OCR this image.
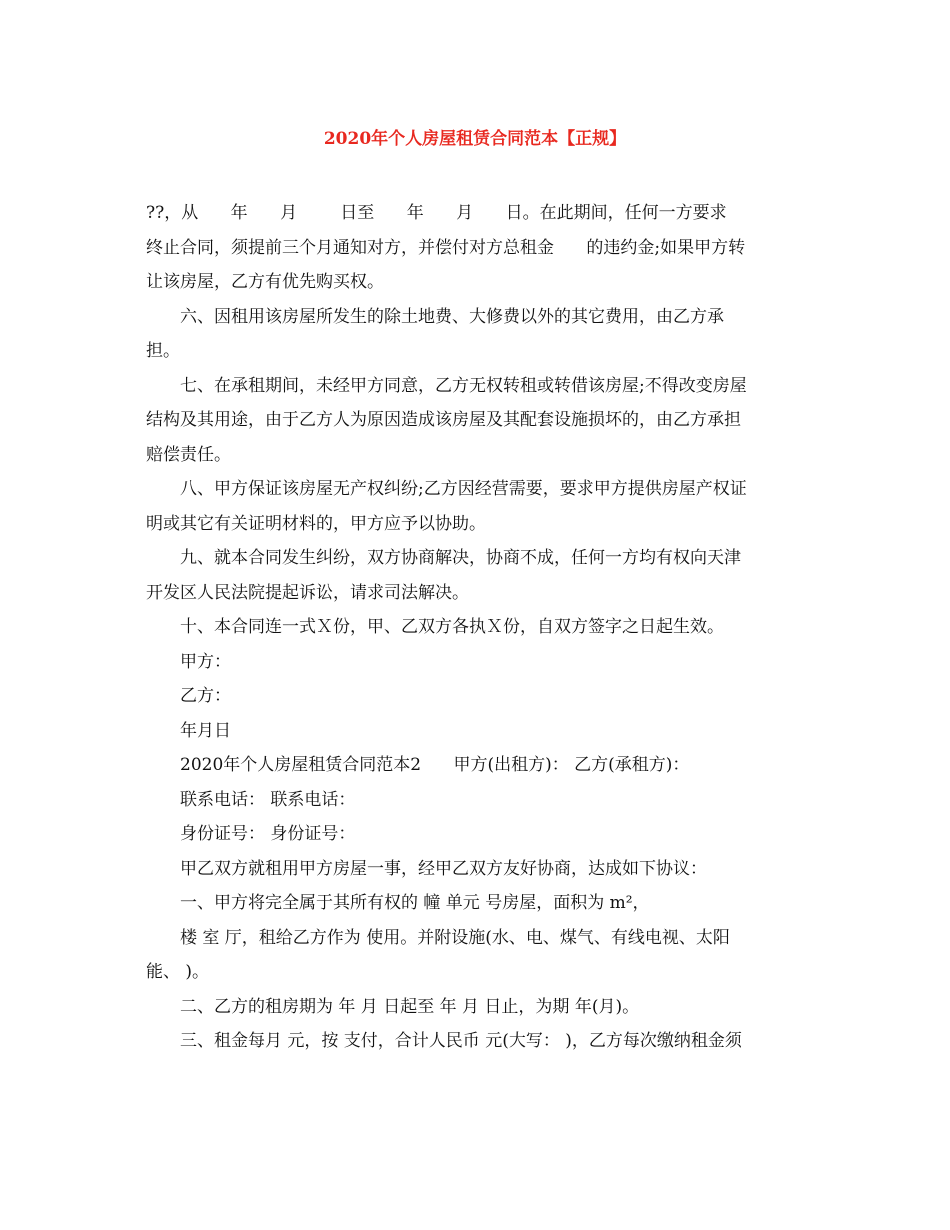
2020年个人房屋租赁合同范本【正规】
??，从      年      月        日至      年      月      日。在此期间，任何一方要求
终止合同，须提前三个月通知对方，并偿付对方总租金      的违约金;如果甲方转
让该房屋，乙方有优先购买权。
六、因租用该房屋所发生的除土地费、大修费以外的其它费用，由乙方承
担。
七、在承租期间，未经甲方同意，乙方无权转租或转借该房屋;不得改变房屋
结构及其用途，由于乙方人为原因造成该房屋及其配套设施损坏的，由乙方承担
赔偿责任。
八、甲方保证该房屋无产权纠纷;乙方因经营需要，要求甲方提供房屋产权证
明或其它有关证明材料的，甲方应予以协助。
九、就本合同发生纠纷，双方协商解决，协商不成，任何一方均有权向天津
开发区人民法院提起诉讼，请求司法解决。
十、本合同连一式Ｘ份，甲、乙双方各执Ｘ份，自双方签字之日起生效。
甲方：
乙方：
年月日
2020年个人房屋租赁合同范本2      甲方(出租方)： 乙方(承租方)：
联系电话： 联系电话：
身份证号： 身份证号：
甲乙双方就租用甲方房屋一事，经甲乙双方友好协商，达成如下协议：
一、甲方将完全属于其所有权的 幢 单元 号房屋，面积为 m²，
楼 室 厅，租给乙方作为 使用。并附设施(水、电、煤气、有线电视、太阳
能、 )。
二、乙方的租房期为 年 月 日起至 年 月 日止，为期 年(月)。
三、租金每月 元，按 支付，合计人民币 元(大写： )，乙方每次缴纳租金须
